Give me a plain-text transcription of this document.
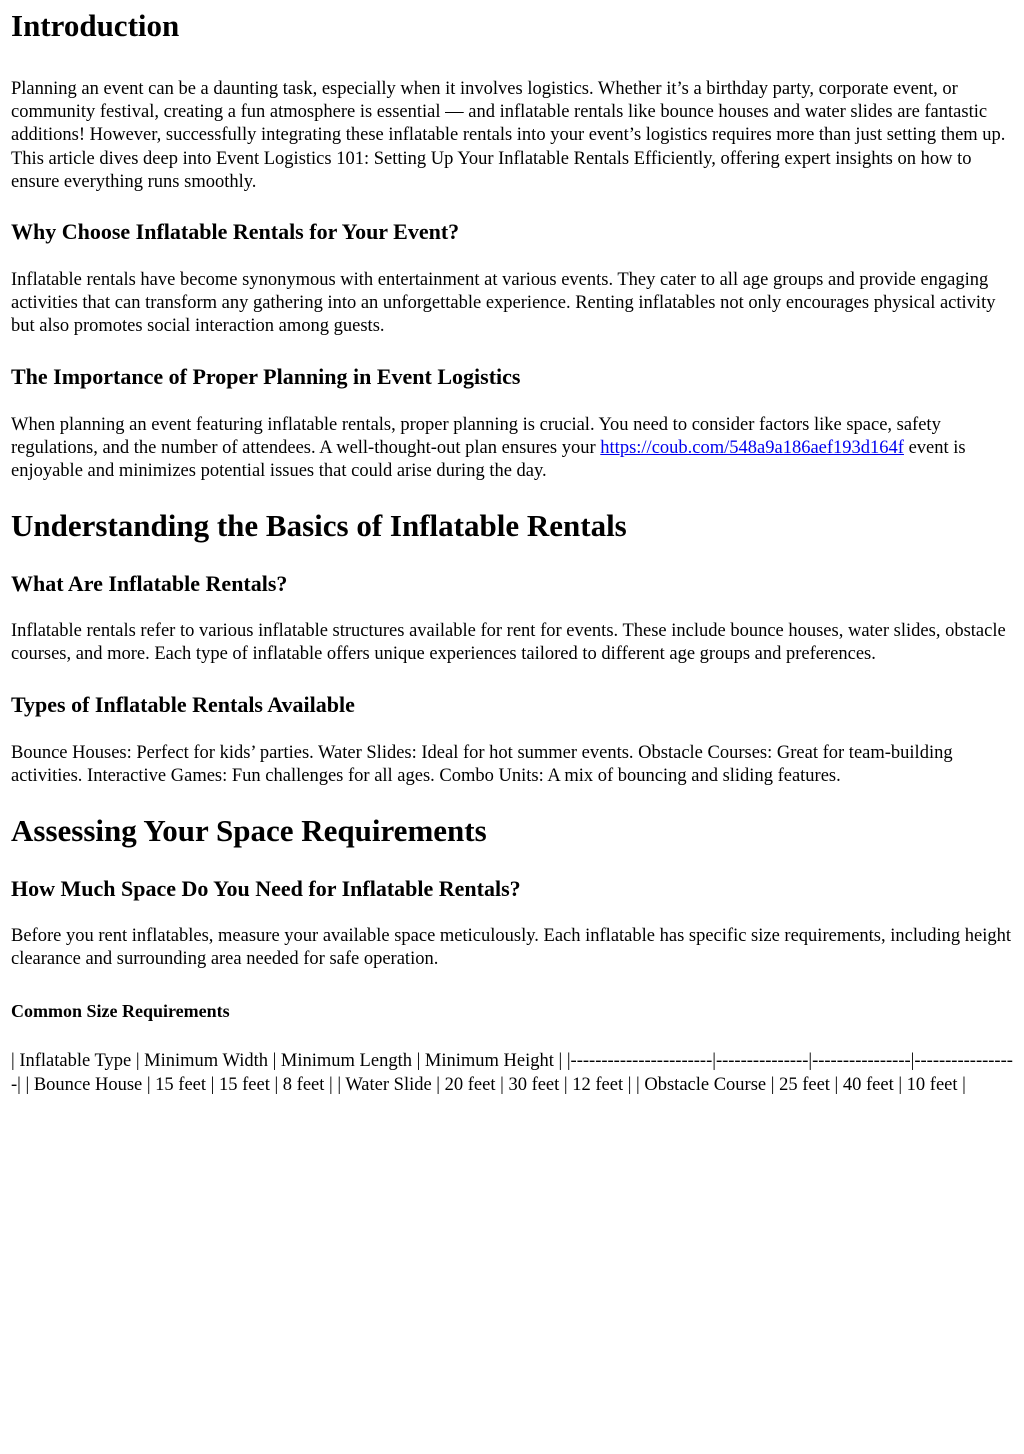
Introduction

Planning an event can be a daunting task, especially when it involves logistics. Whether it’s a birthday party, corporate event, or community festival, creating a fun atmosphere is essential — and inflatable rentals like bounce houses and water slides are fantastic additions! However, successfully integrating these inflatable rentals into your event’s logistics requires more than just setting them up. This article dives deep into Event Logistics 101: Setting Up Your Inflatable Rentals Efficiently, offering expert insights on how to ensure everything runs smoothly.

Why Choose Inflatable Rentals for Your Event?

Inflatable rentals have become synonymous with entertainment at various events. They cater to all age groups and provide engaging activities that can transform any gathering into an unforgettable experience. Renting inflatables not only encourages physical activity but also promotes social interaction among guests.

The Importance of Proper Planning in Event Logistics

When planning an event featuring inflatable rentals, proper planning is crucial. You need to consider factors like space, safety regulations, and the number of attendees. A well-thought-out plan ensures your https://coub.com/548a9a186aef193d164f event is enjoyable and minimizes potential issues that could arise during the day.

Understanding the Basics of Inflatable Rentals
What Are Inflatable Rentals?

Inflatable rentals refer to various inflatable structures available for rent for events. These include bounce houses, water slides, obstacle courses, and more. Each type of inflatable offers unique experiences tailored to different age groups and preferences.

Types of Inflatable Rentals Available

Bounce Houses: Perfect for kids’ parties. Water Slides: Ideal for hot summer events. Obstacle Courses: Great for team-building activities. Interactive Games: Fun challenges for all ages. Combo Units: A mix of bouncing and sliding features.

Assessing Your Space Requirements
How Much Space Do You Need for Inflatable Rentals?

Before you rent inflatables, measure your available space meticulously. Each inflatable has specific size requirements, including height clearance and surrounding area needed for safe operation.

Common Size Requirements

| Inflatable Type | Minimum Width | Minimum Length | Minimum Height | |-----------------------|---------------|----------------|-----------------| | Bounce House | 15 feet | 15 feet | 8 feet | | Water Slide | 20 feet | 30 feet | 12 feet | | Obstacle Course | 25 feet | 40 feet | 10 feet |
